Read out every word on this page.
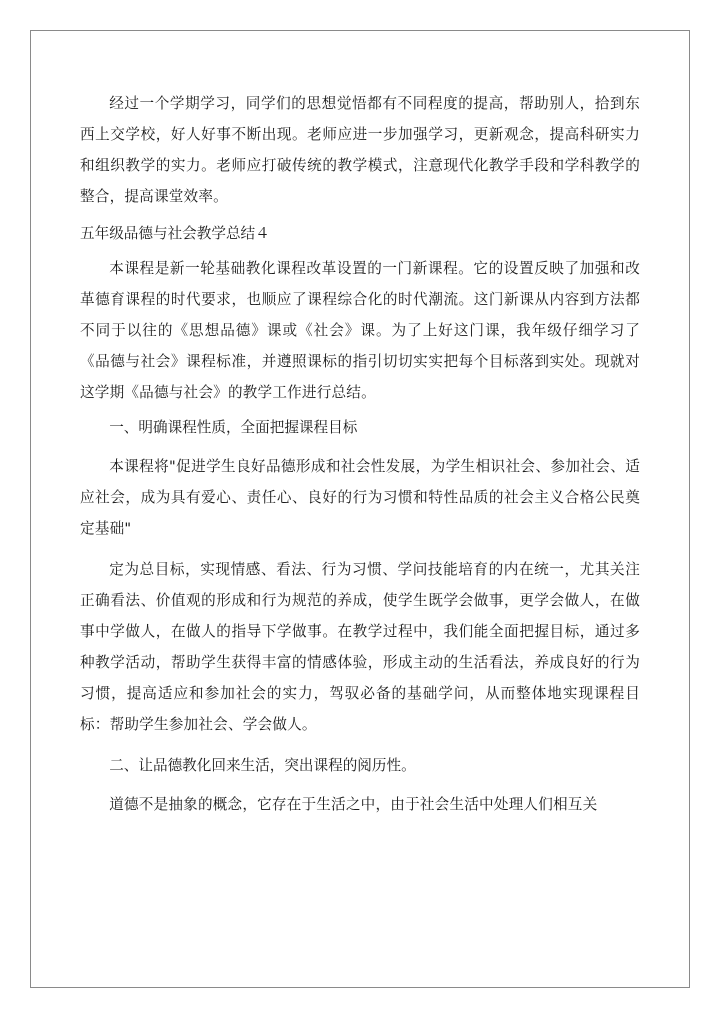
经过一个学期学习，同学们的思想觉悟都有不同程度的提高，帮助别人，拾到东西上交学校，好人好事不断出现。老师应进一步加强学习，更新观念，提高科研实力和组织教学的实力。老师应打破传统的教学模式，注意现代化教学手段和学科教学的整合，提高课堂效率。

五年级品德与社会教学总结４

本课程是新一轮基础教化课程改革设置的一门新课程。它的设置反映了加强和改革德育课程的时代要求，也顺应了课程综合化的时代潮流。这门新课从内容到方法都不同于以往的《思想品德》课或《社会》课。为了上好这门课，我年级仔细学习了《品德与社会》课程标准，并遵照课标的指引切切实实把每个目标落到实处。现就对这学期《品德与社会》的教学工作进行总结。

一、明确课程性质，全面把握课程目标

本课程将"促进学生良好品德形成和社会性发展，为学生相识社会、参加社会、适应社会，成为具有爱心、责任心、良好的行为习惯和特性品质的社会主义合格公民奠定基础"

定为总目标，实现情感、看法、行为习惯、学问技能培育的内在统一，尤其关注正确看法、价值观的形成和行为规范的养成，使学生既学会做事，更学会做人，在做事中学做人，在做人的指导下学做事。在教学过程中，我们能全面把握目标，通过多种教学活动，帮助学生获得丰富的情感体验，形成主动的生活看法，养成良好的行为习惯，提高适应和参加社会的实力，驾驭必备的基础学问，从而整体地实现课程目标：帮助学生参加社会、学会做人。

二、让品德教化回来生活，突出课程的阅历性。

道德不是抽象的概念，它存在于生活之中，由于社会生活中处理人们相互关
